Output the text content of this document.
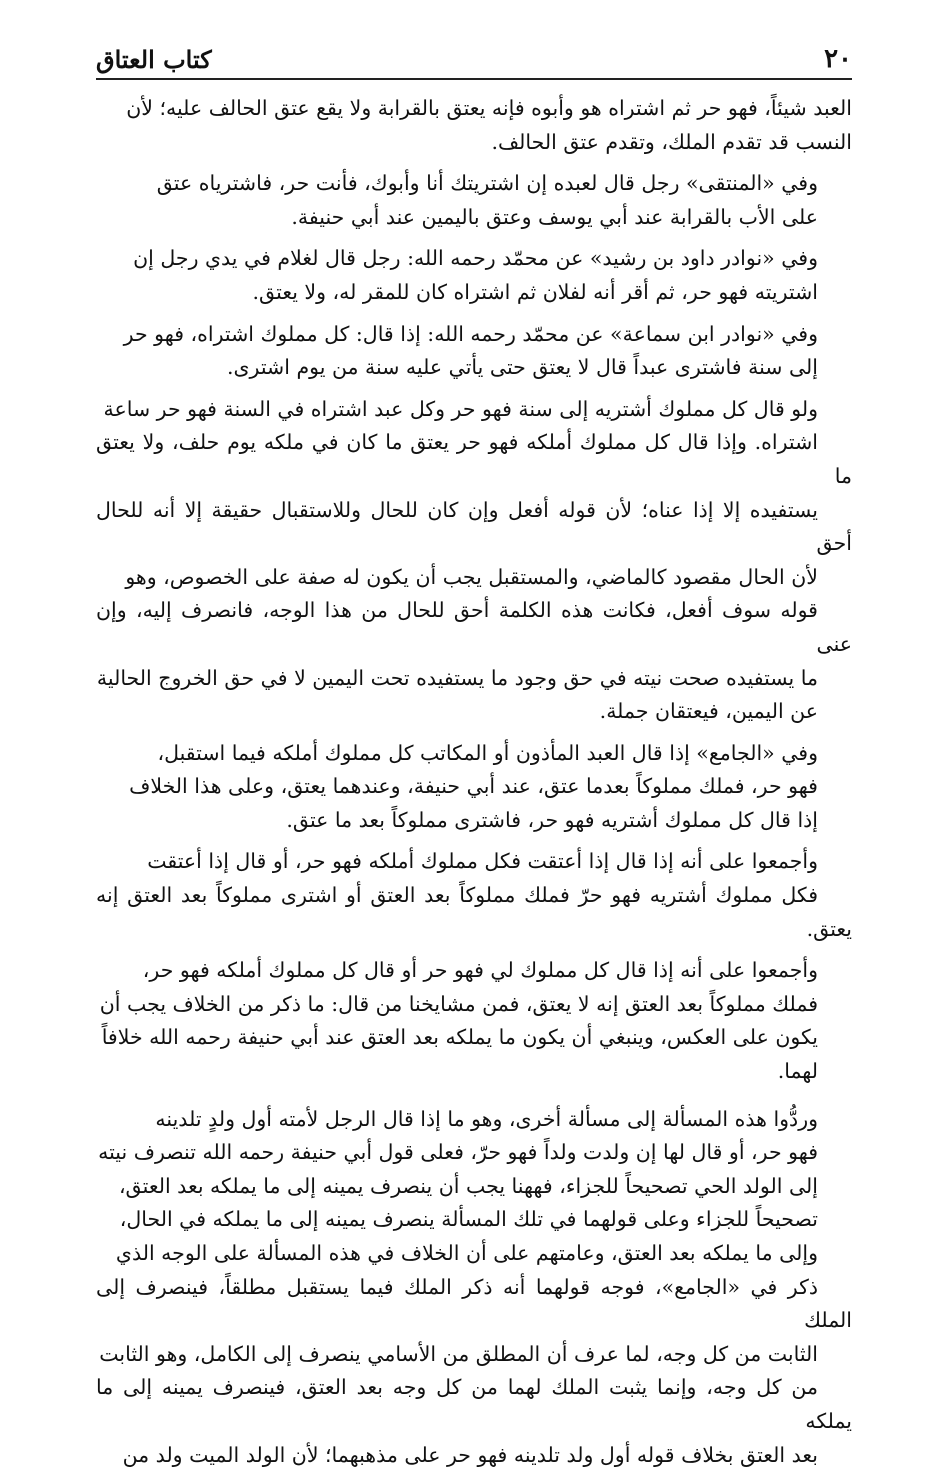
٢٠
كتاب العتاق

العبد شيئاً، فهو حر ثم اشتراه هو وأبوه فإنه يعتق بالقرابة ولا يقع عتق الحالف عليه؛ لأن
النسب قد تقدم الملك، وتقدم عتق الحالف.

وفي «المنتقى» رجل قال لعبده إن اشتريتك أنا وأبوك، فأنت حر، فاشترياه عتق
على الأب بالقرابة عند أبي يوسف وعتق باليمين عند أبي حنيفة.

وفي «نوادر داود بن رشيد» عن محمّد رحمه الله: رجل قال لغلام في يدي رجل إن
اشتريته فهو حر، ثم أقر أنه لفلان ثم اشتراه كان للمقر له، ولا يعتق.

وفي «نوادر ابن سماعة» عن محمّد رحمه الله: إذا قال: كل مملوك اشتراه، فهو حر
إلى سنة فاشترى عبداً قال لا يعتق حتى يأتي عليه سنة من يوم اشترى.

ولو قال كل مملوك أشتريه إلى سنة فهو حر وكل عبد اشتراه في السنة فهو حر ساعة
اشتراه. وإذا قال كل مملوك أملكه فهو حر يعتق ما كان في ملكه يوم حلف، ولا يعتق ما
يستفيده إلا إذا عناه؛ لأن قوله أفعل وإن كان للحال وللاستقبال حقيقة إلا أنه للحال أحق
لأن الحال مقصود كالماضي، والمستقبل يجب أن يكون له صفة على الخصوص، وهو
قوله سوف أفعل، فكانت هذه الكلمة أحق للحال من هذا الوجه، فانصرف إليه، وإن عنى
ما يستفيده صحت نيته في حق وجود ما يستفيده تحت اليمين لا في حق الخروج الحالية
عن اليمين، فيعتقان جملة.

وفي «الجامع» إذا قال العبد المأذون أو المكاتب كل مملوك أملكه فيما استقبل،
فهو حر، فملك مملوكاً بعدما عتق، عند أبي حنيفة، وعندهما يعتق، وعلى هذا الخلاف
إذا قال كل مملوك أشتريه فهو حر، فاشترى مملوكاً بعد ما عتق.

وأجمعوا على أنه إذا قال إذا أعتقت فكل مملوك أملكه فهو حر، أو قال إذا أعتقت
فكل مملوك أشتريه فهو حرّ فملك مملوكاً بعد العتق أو اشترى مملوكاً بعد العتق إنه يعتق.

وأجمعوا على أنه إذا قال كل مملوك لي فهو حر أو قال كل مملوك أملكه فهو حر،
فملك مملوكاً بعد العتق إنه لا يعتق، فمن مشايخنا من قال: ما ذكر من الخلاف يجب أن
يكون على العكس، وينبغي أن يكون ما يملكه بعد العتق عند أبي حنيفة رحمه الله خلافاً
لهما.

وردُّوا هذه المسألة إلى مسألة أخرى، وهو ما إذا قال الرجل لأمته أول ولدٍ تلدينه
فهو حر، أو قال لها إن ولدت ولداً فهو حرّ، فعلى قول أبي حنيفة رحمه الله تنصرف نيته
إلى الولد الحي تصحيحاً للجزاء، فههنا يجب أن ينصرف يمينه إلى ما يملكه بعد العتق،
تصحيحاً للجزاء وعلى قولهما في تلك المسألة ينصرف يمينه إلى ما يملكه في الحال،
وإلى ما يملكه بعد العتق، وعامتهم على أن الخلاف في هذه المسألة على الوجه الذي
ذكر في «الجامع»، فوجه قولهما أنه ذكر الملك فيما يستقبل مطلقاً، فينصرف إلى الملك
الثابت من كل وجه، لما عرف أن المطلق من الأسامي ينصرف إلى الكامل، وهو الثابت
من كل وجه، وإنما يثبت الملك لهما من كل وجه بعد العتق، فينصرف يمينه إلى ما يملكه
بعد العتق بخلاف قوله أول ولد تلدينه فهو حر على مذهبهما؛ لأن الولد الميت ولد من
